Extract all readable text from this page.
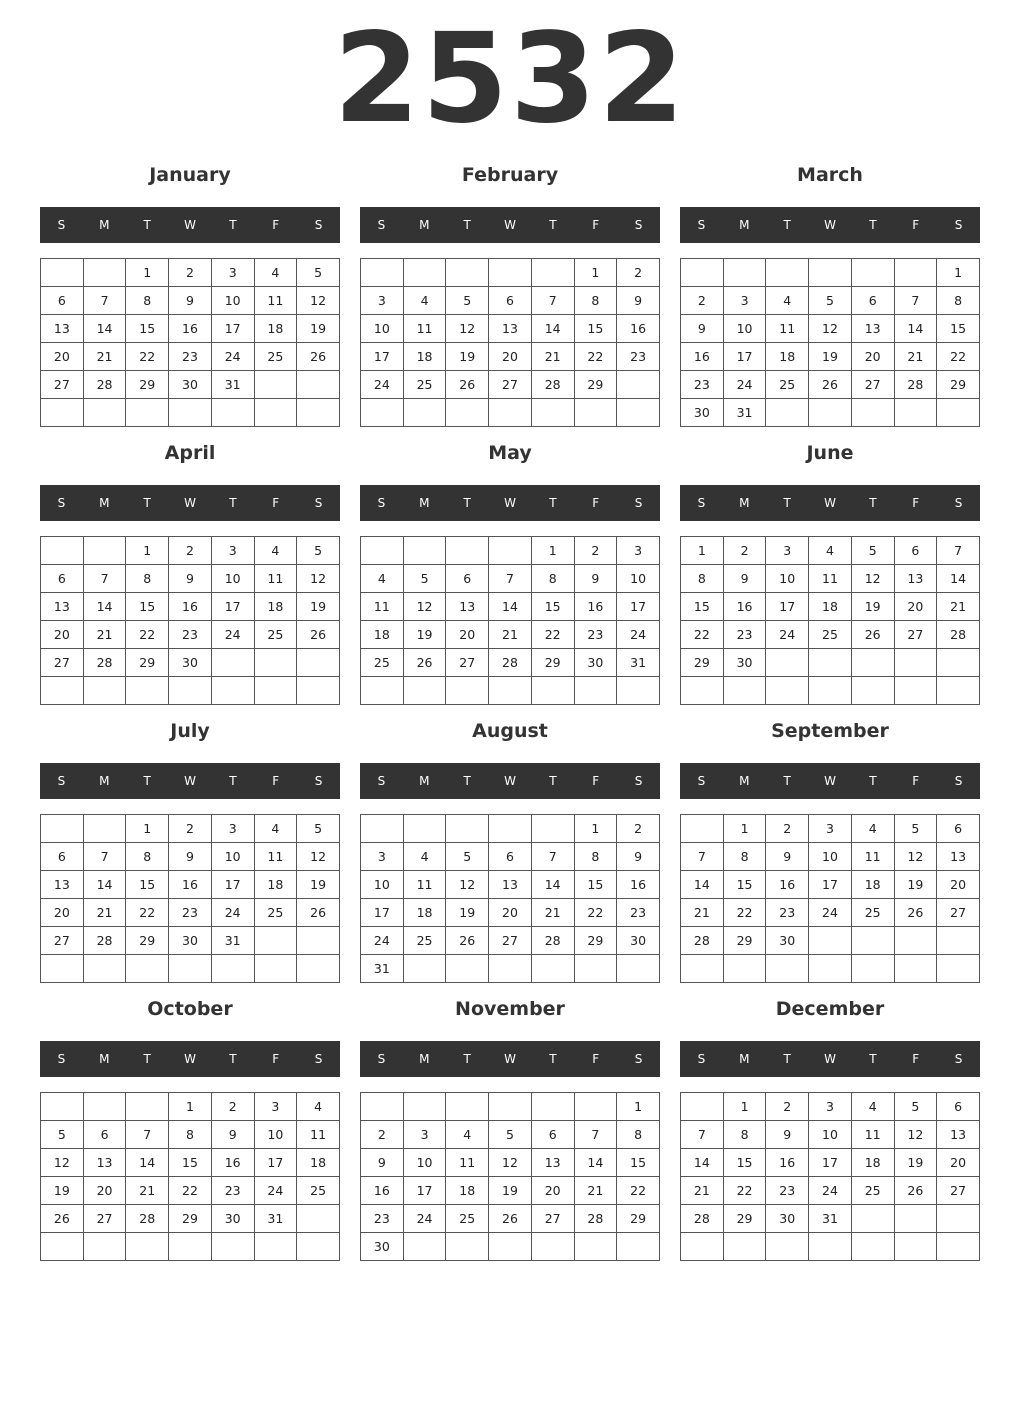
2532
January
S	M	T	W	T	F	S
		1	2	3	4	5
6	7	8	9	10	11	12
13	14	15	16	17	18	19
20	21	22	23	24	25	26
27	28	29	30	31		

February
S	M	T	W	T	F	S
					1	2
3	4	5	6	7	8	9
10	11	12	13	14	15	16
17	18	19	20	21	22	23
24	25	26	27	28	29	

March
S	M	T	W	T	F	S
						1
2	3	4	5	6	7	8
9	10	11	12	13	14	15
16	17	18	19	20	21	22
23	24	25	26	27	28	29
30	31					
April
S	M	T	W	T	F	S
		1	2	3	4	5
6	7	8	9	10	11	12
13	14	15	16	17	18	19
20	21	22	23	24	25	26
27	28	29	30			

May
S	M	T	W	T	F	S
				1	2	3
4	5	6	7	8	9	10
11	12	13	14	15	16	17
18	19	20	21	22	23	24
25	26	27	28	29	30	31

June
S	M	T	W	T	F	S
1	2	3	4	5	6	7
8	9	10	11	12	13	14
15	16	17	18	19	20	21
22	23	24	25	26	27	28
29	30					

July
S	M	T	W	T	F	S
		1	2	3	4	5
6	7	8	9	10	11	12
13	14	15	16	17	18	19
20	21	22	23	24	25	26
27	28	29	30	31		

August
S	M	T	W	T	F	S
					1	2
3	4	5	6	7	8	9
10	11	12	13	14	15	16
17	18	19	20	21	22	23
24	25	26	27	28	29	30
31						
September
S	M	T	W	T	F	S
	1	2	3	4	5	6
7	8	9	10	11	12	13
14	15	16	17	18	19	20
21	22	23	24	25	26	27
28	29	30				

October
S	M	T	W	T	F	S
			1	2	3	4
5	6	7	8	9	10	11
12	13	14	15	16	17	18
19	20	21	22	23	24	25
26	27	28	29	30	31	

November
S	M	T	W	T	F	S
						1
2	3	4	5	6	7	8
9	10	11	12	13	14	15
16	17	18	19	20	21	22
23	24	25	26	27	28	29
30						
December
S	M	T	W	T	F	S
	1	2	3	4	5	6
7	8	9	10	11	12	13
14	15	16	17	18	19	20
21	22	23	24	25	26	27
28	29	30	31			
